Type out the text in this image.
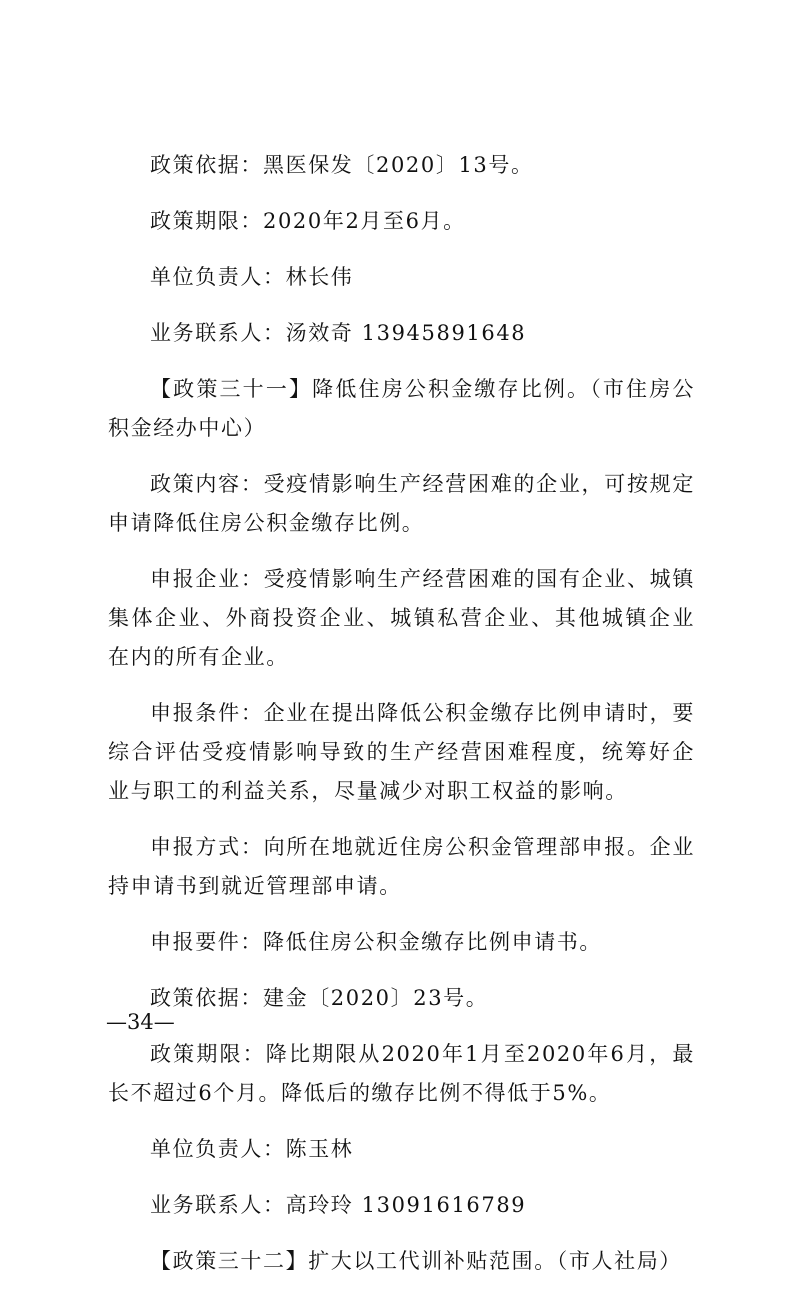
政策依据：黑医保发〔2020〕13号。

政策期限：2020年2月至6月。

单位负责人：林长伟

业务联系人：汤效奇 13945891648

【政策三十一】降低住房公积金缴存比例。（市住房公积金经办中心）

政策内容：受疫情影响生产经营困难的企业，可按规定申请降低住房公积金缴存比例。

申报企业：受疫情影响生产经营困难的国有企业、城镇集体企业、外商投资企业、城镇私营企业、其他城镇企业在内的所有企业。

申报条件：企业在提出降低公积金缴存比例申请时，要综合评估受疫情影响导致的生产经营困难程度，统筹好企业与职工的利益关系，尽量减少对职工权益的影响。

申报方式：向所在地就近住房公积金管理部申报。企业持申请书到就近管理部申请。

申报要件：降低住房公积金缴存比例申请书。

政策依据：建金〔2020〕23号。

政策期限：降比期限从2020年1月至2020年6月，最长不超过6个月。降低后的缴存比例不得低于5%。

单位负责人：陈玉林

业务联系人：高玲玲 13091616789

【政策三十二】扩大以工代训补贴范围。（市人社局）

—34—
